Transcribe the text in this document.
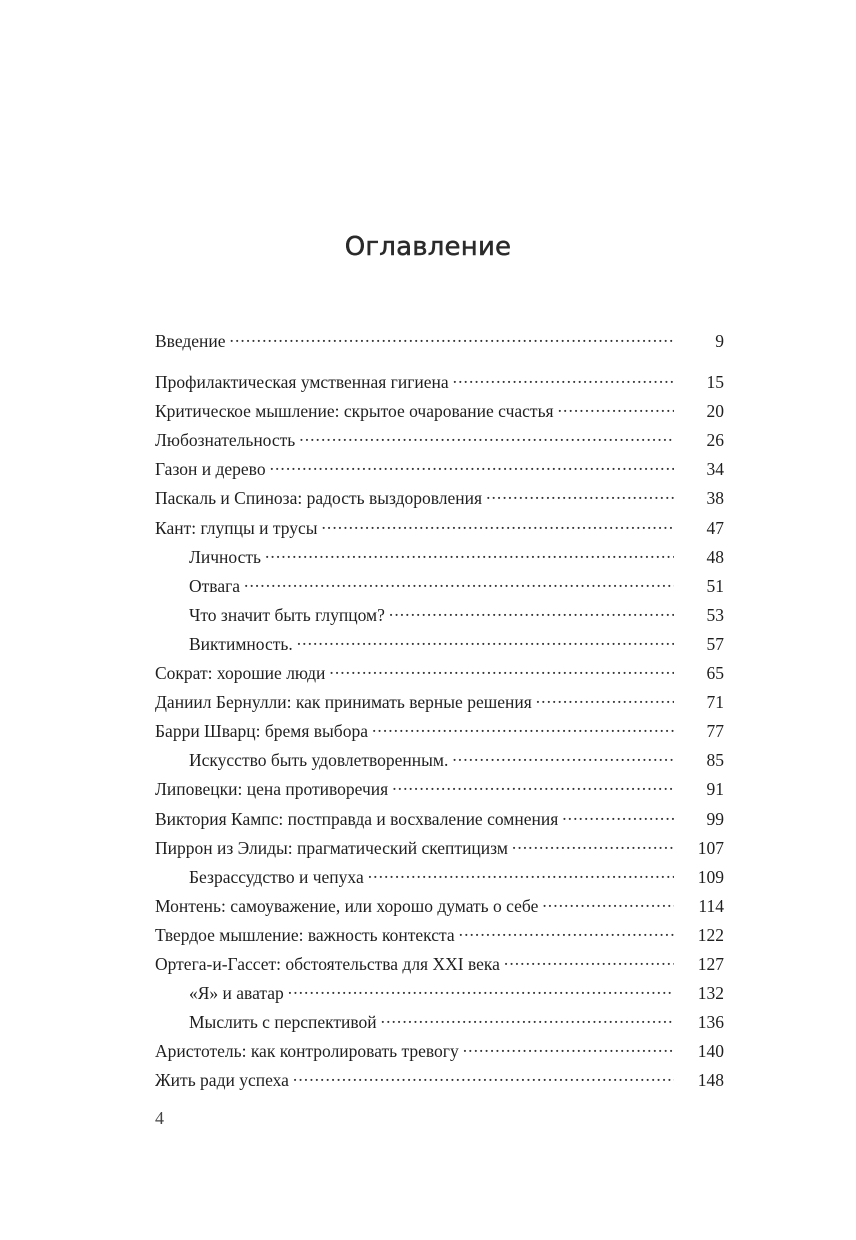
Оглавление
Введение .....	9
Профилактическая умственная гигиена .....	15
Критическое мышление: скрытое очарование счастья .....	20
Любознательность .....	26
Газон и дерево .....	34
Паскаль и Спиноза: радость выздоровления .....	38
Кант: глупцы и трусы .....	47
Личность .....	48
Отвага .....	51
Что значит быть глупцом? .....	53
Виктимность. .....	57
Сократ: хорошие люди .....	65
Даниил Бернулли: как принимать верные решения .....	71
Барри Шварц: бремя выбора .....	77
Искусство быть удовлетворенным. .....	85
Липовецки: цена противоречия .....	91
Виктория Кампс: постправда и восхваление сомнения .....	99
Пиррон из Элиды: прагматический скептицизм .....	107
Безрассудство и чепуха .....	109
Монтень: самоуважение, или хорошо думать о себе .....	114
Твердое мышление: важность контекста .....	122
Ортега-и-Гассет: обстоятельства для XXI века .....	127
«Я» и аватар .....	132
Мыслить с перспективой .....	136
Аристотель: как контролировать тревогу .....	140
Жить ради успеха .....	148
4
